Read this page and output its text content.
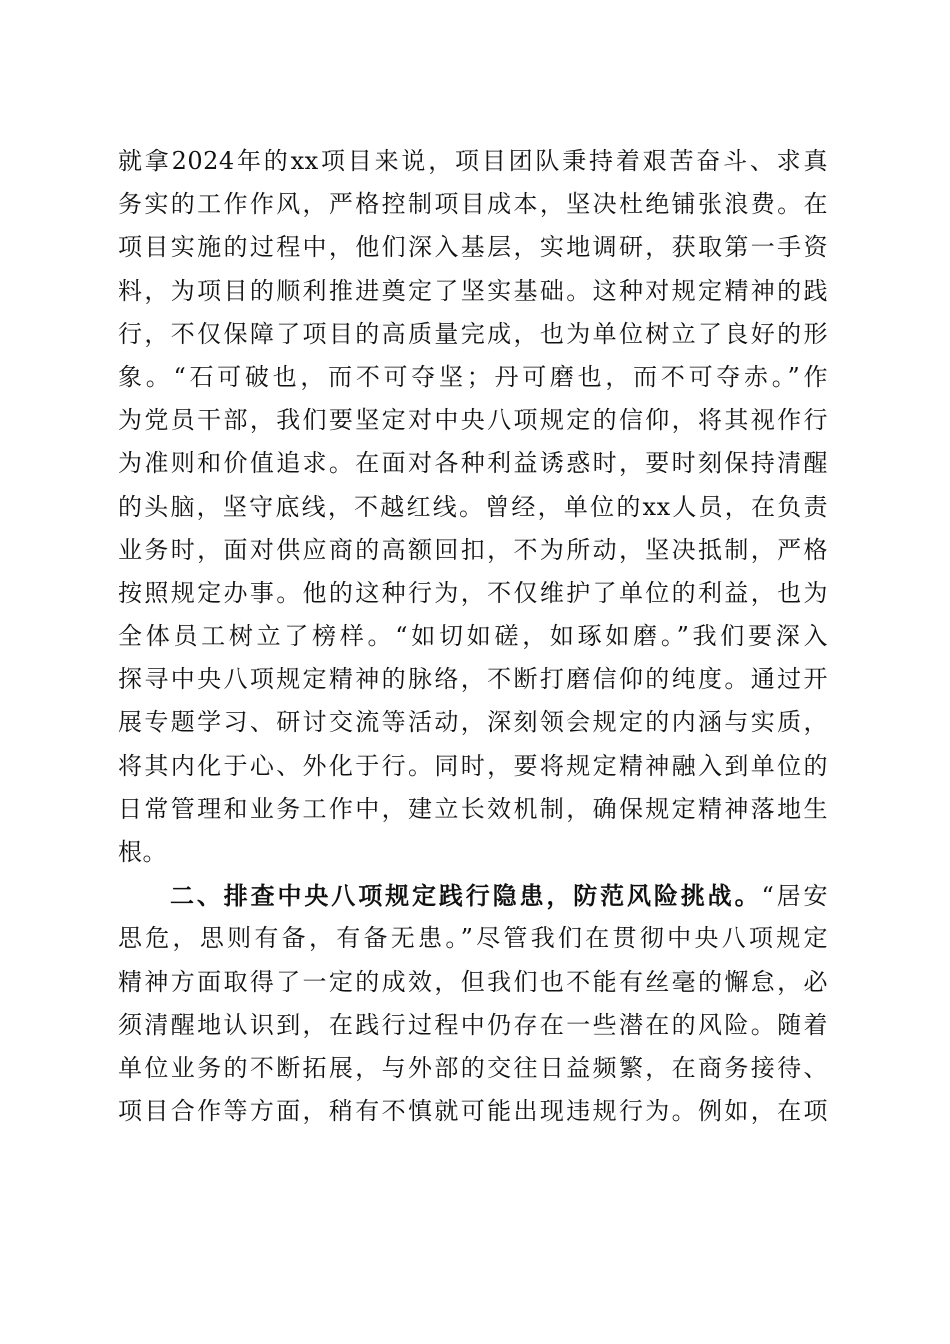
就拿2024年的xx项目来说，项目团队秉持着艰苦奋斗、求真
务实的工作作风，严格控制项目成本，坚决杜绝铺张浪费。在
项目实施的过程中，他们深入基层，实地调研，获取第一手资
料，为项目的顺利推进奠定了坚实基础。这种对规定精神的践
行，不仅保障了项目的高质量完成，也为单位树立了良好的形
象。“石可破也，而不可夺坚；丹可磨也，而不可夺赤。”作
为党员干部，我们要坚定对中央八项规定的信仰，将其视作行
为准则和价值追求。在面对各种利益诱惑时，要时刻保持清醒
的头脑，坚守底线，不越红线。曾经，单位的xx人员，在负责
业务时，面对供应商的高额回扣，不为所动，坚决抵制，严格
按照规定办事。他的这种行为，不仅维护了单位的利益，也为
全体员工树立了榜样。“如切如磋，如琢如磨。”我们要深入
探寻中央八项规定精神的脉络，不断打磨信仰的纯度。通过开
展专题学习、研讨交流等活动，深刻领会规定的内涵与实质，
将其内化于心、外化于行。同时，要将规定精神融入到单位的
日常管理和业务工作中，建立长效机制，确保规定精神落地生
根。
二、排查中央八项规定践行隐患，防范风险挑战。“居安
思危，思则有备，有备无患。”尽管我们在贯彻中央八项规定
精神方面取得了一定的成效，但我们也不能有丝毫的懈怠，必
须清醒地认识到，在践行过程中仍存在一些潜在的风险。随着
单位业务的不断拓展，与外部的交往日益频繁，在商务接待、
项目合作等方面，稍有不慎就可能出现违规行为。例如，在项
